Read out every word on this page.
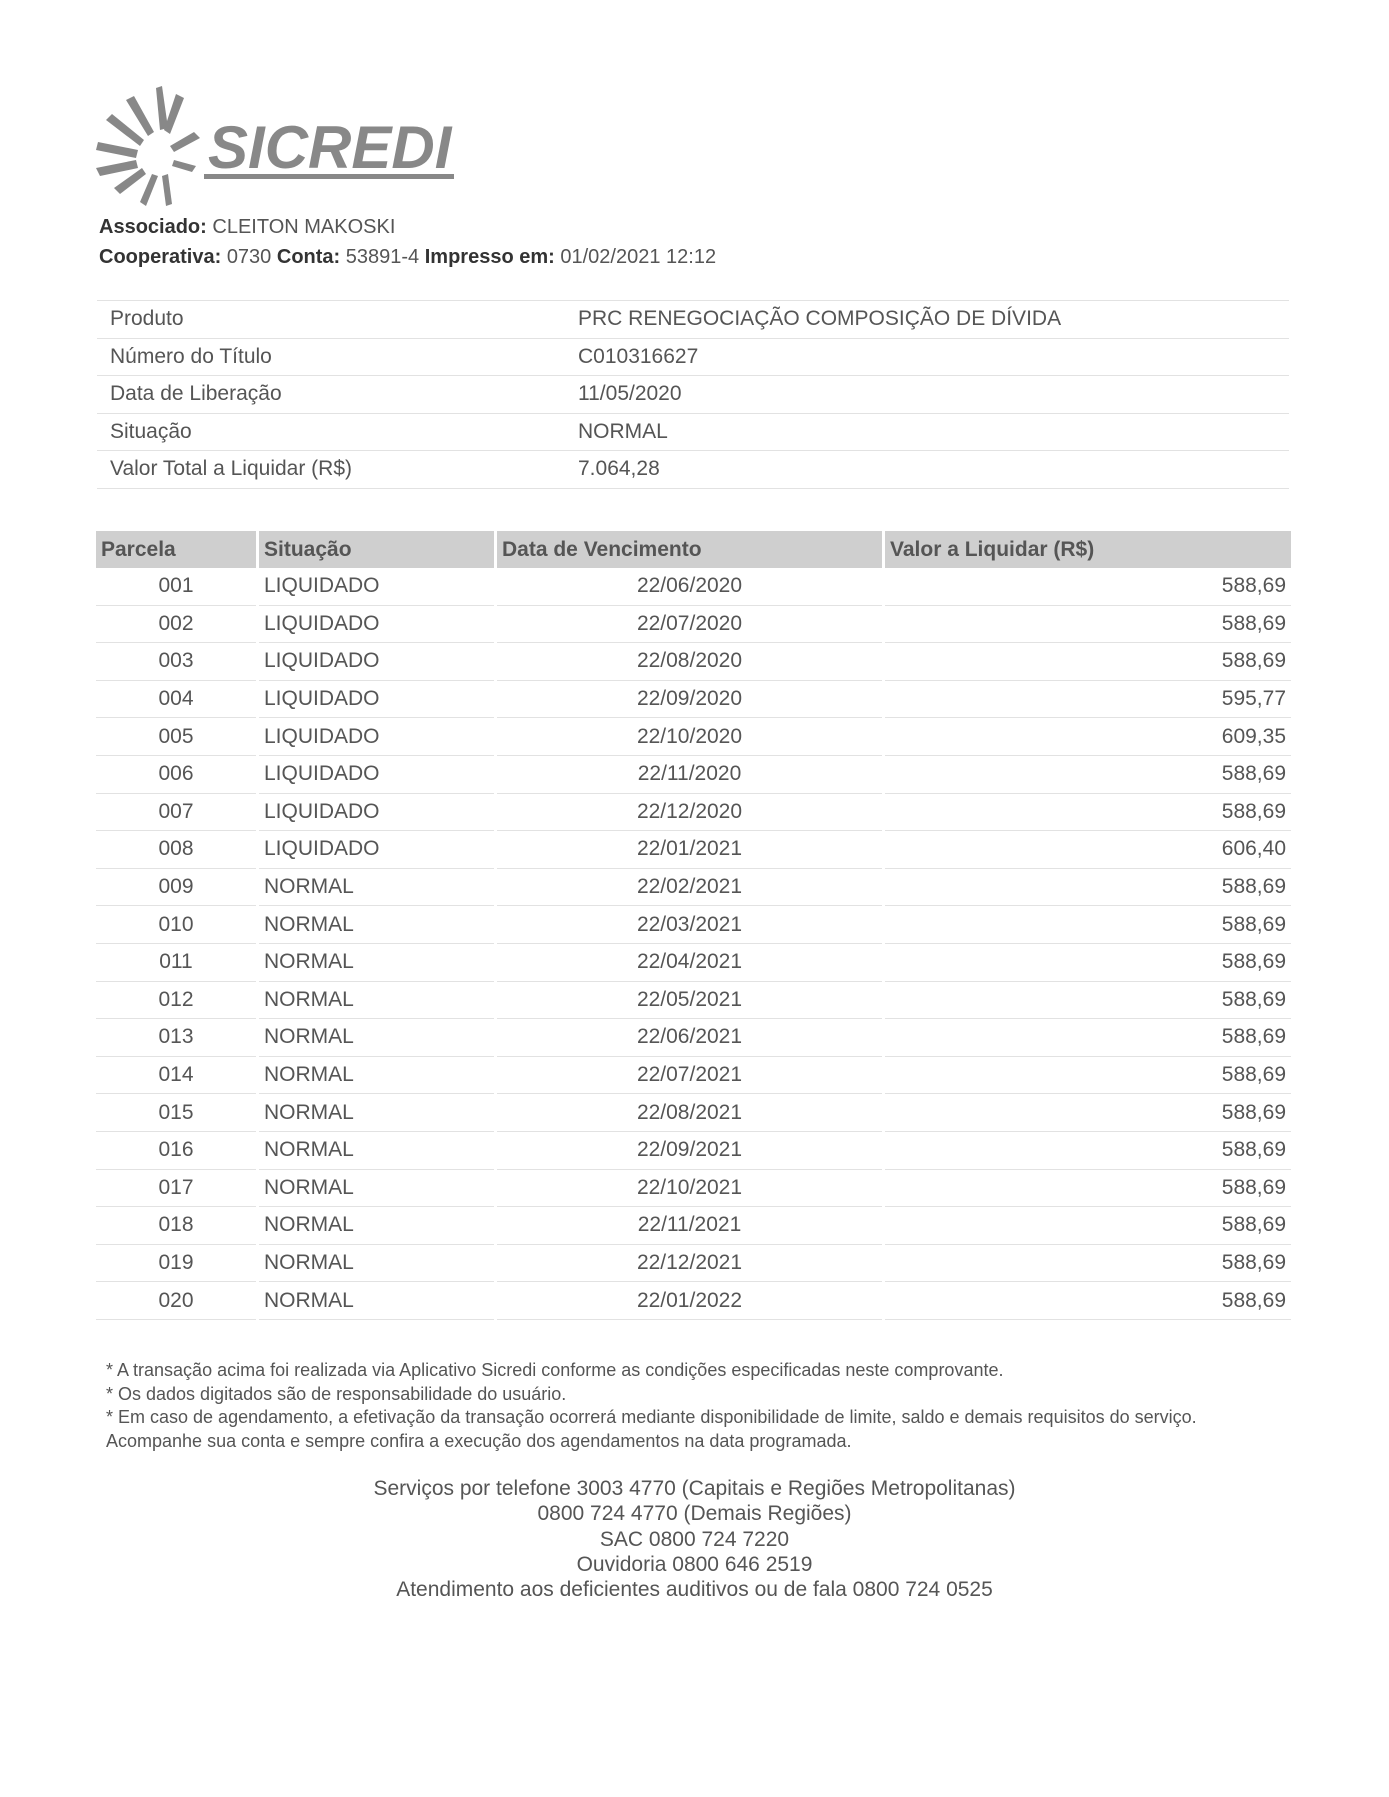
SICREDI
Associado: CLEITON MAKOSKI
Cooperativa: 0730 Conta: 53891-4 Impresso em: 01/02/2021 12:12
Produto	PRC RENEGOCIAÇÃO COMPOSIÇÃO DE DÍVIDA
Número do Título	C010316627
Data de Liberação	11/05/2020
Situação	NORMAL
Valor Total a Liquidar (R$)	7.064,28
Parcela	Situação	Data de Vencimento	Valor a Liquidar (R$)
001	LIQUIDADO	22/06/2020	588,69
002	LIQUIDADO	22/07/2020	588,69
003	LIQUIDADO	22/08/2020	588,69
004	LIQUIDADO	22/09/2020	595,77
005	LIQUIDADO	22/10/2020	609,35
006	LIQUIDADO	22/11/2020	588,69
007	LIQUIDADO	22/12/2020	588,69
008	LIQUIDADO	22/01/2021	606,40
009	NORMAL	22/02/2021	588,69
010	NORMAL	22/03/2021	588,69
011	NORMAL	22/04/2021	588,69
012	NORMAL	22/05/2021	588,69
013	NORMAL	22/06/2021	588,69
014	NORMAL	22/07/2021	588,69
015	NORMAL	22/08/2021	588,69
016	NORMAL	22/09/2021	588,69
017	NORMAL	22/10/2021	588,69
018	NORMAL	22/11/2021	588,69
019	NORMAL	22/12/2021	588,69
020	NORMAL	22/01/2022	588,69

* A transação acima foi realizada via Aplicativo Sicredi conforme as condições especificadas neste comprovante.

* Os dados digitados são de responsabilidade do usuário.

* Em caso de agendamento, a efetivação da transação ocorrerá mediante disponibilidade de limite, saldo e demais requisitos do serviço. Acompanhe sua conta e sempre confira a execução dos agendamentos na data programada.

Serviços por telefone 3003 4770 (Capitais e Regiões Metropolitanas)
0800 724 4770 (Demais Regiões)
SAC 0800 724 7220
Ouvidoria 0800 646 2519
Atendimento aos deficientes auditivos ou de fala 0800 724 0525
